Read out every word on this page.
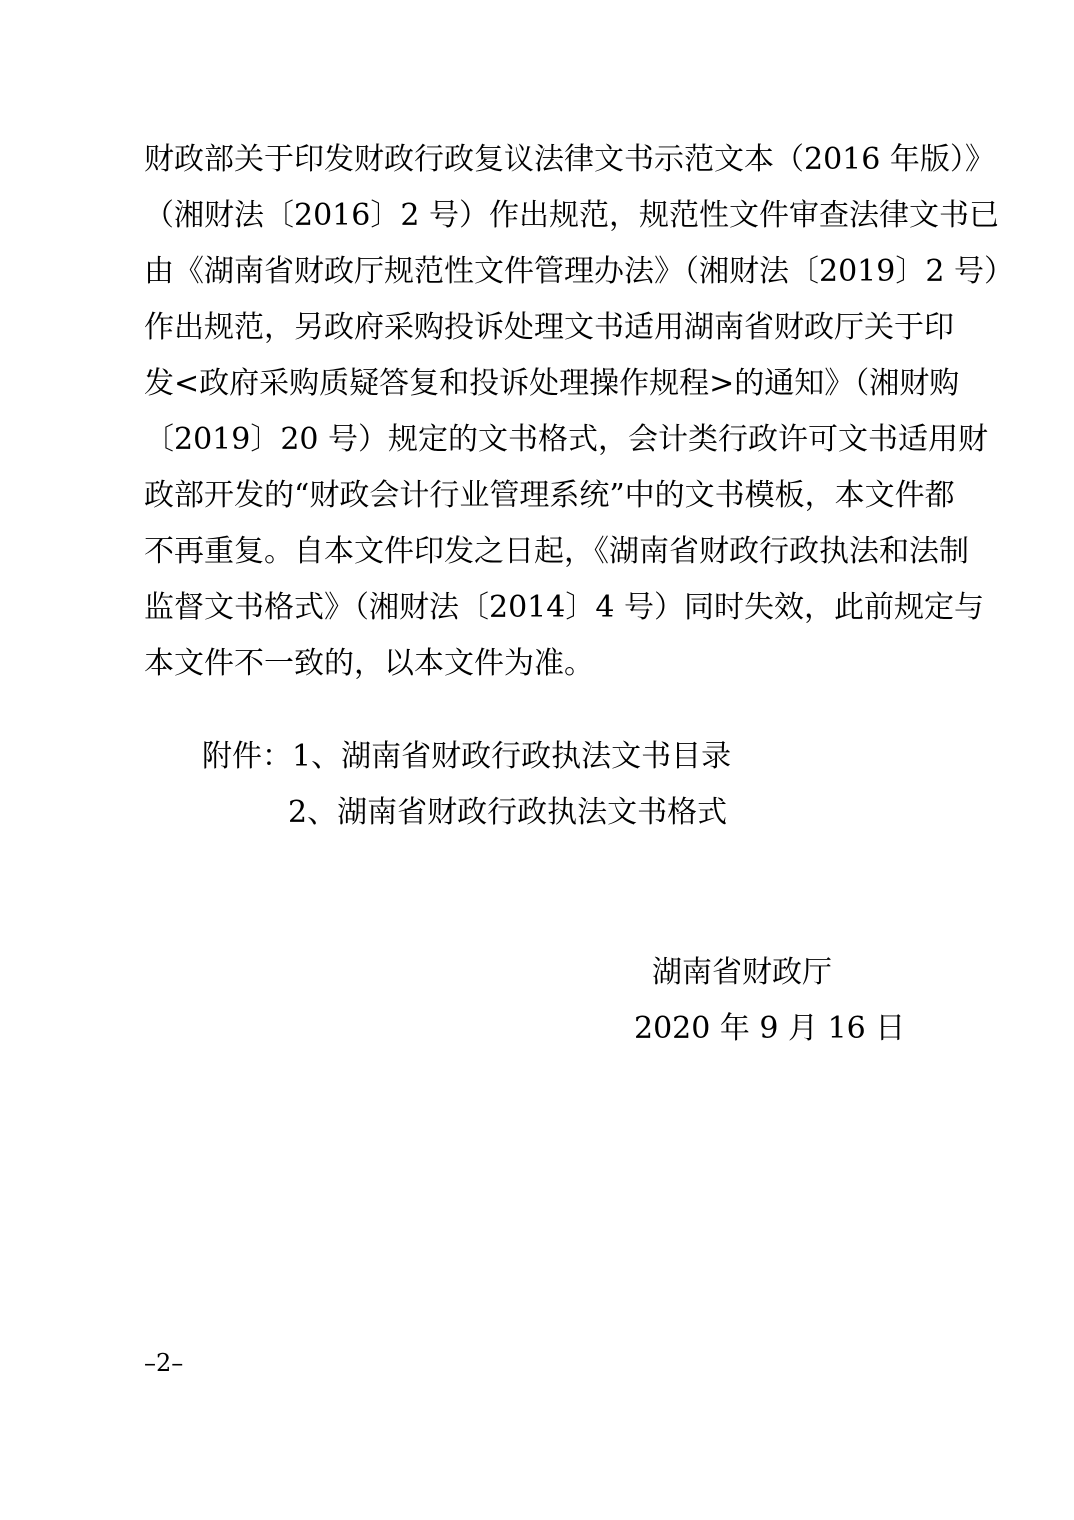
财政部关于印发财政行政复议法律文书示范文本（2016 年版）》
（湘财法〔2016〕2 号）作出规范，规范性文件审查法律文书已
由《湖南省财政厅规范性文件管理办法》（湘财法〔2019〕2 号）
作出规范，另政府采购投诉处理文书适用湖南省财政厅关于印
发<政府采购质疑答复和投诉处理操作规程>的通知》（湘财购
〔2019〕20 号）规定的文书格式，会计类行政许可文书适用财
政部开发的“财政会计行业管理系统”中的文书模板，本文件都
不再重复。自本文件印发之日起，《湖南省财政行政执法和法制
监督文书格式》（湘财法〔2014〕4 号）同时失效，此前规定与
本文件不一致的，以本文件为准。
附件：1、湖南省财政行政执法文书目录
2、湖南省财政行政执法文书格式
湖南省财政厅
2020 年 9 月 16 日
–2–
